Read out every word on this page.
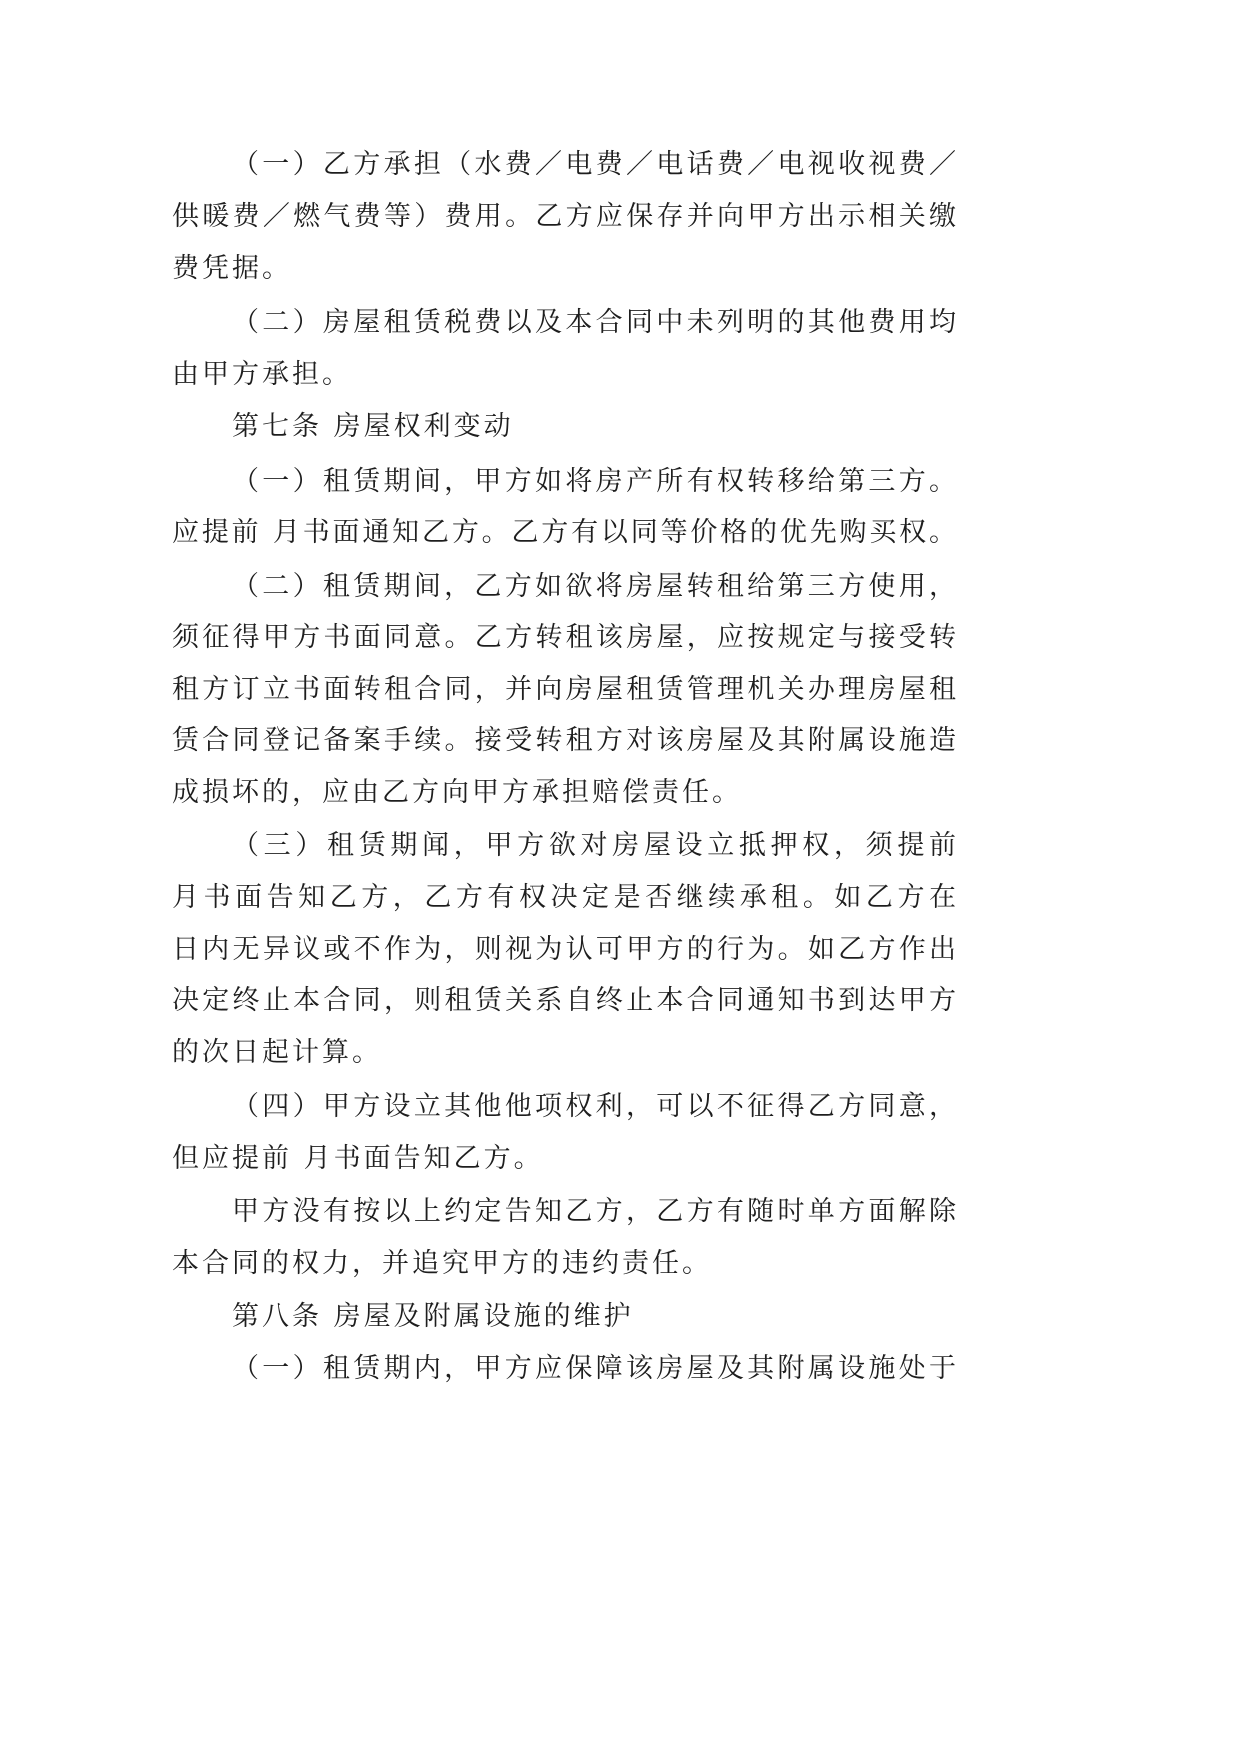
（一）乙方承担（水费／电费／电话费／电视收视费／
供暖费／燃气费等）费用。乙方应保存并向甲方出示相关缴
费凭据。
（二）房屋租赁税费以及本合同中未列明的其他费用均
由甲方承担。
第七条 房屋权利变动
（一）租赁期间，甲方如将房产所有权转移给第三方。
应提前 月书面通知乙方。乙方有以同等价格的优先购买权。
（二）租赁期间，乙方如欲将房屋转租给第三方使用，
须征得甲方书面同意。乙方转租该房屋，应按规定与接受转
租方订立书面转租合同，并向房屋租赁管理机关办理房屋租
赁合同登记备案手续。接受转租方对该房屋及其附属设施造
成损坏的，应由乙方向甲方承担赔偿责任。
（三）租赁期闻，甲方欲对房屋设立抵押权，须提前
月书面告知乙方，乙方有权决定是否继续承租。如乙方在
日内无异议或不作为，则视为认可甲方的行为。如乙方作出
决定终止本合同，则租赁关系自终止本合同通知书到达甲方
的次日起计算。
（四）甲方设立其他他项权利，可以不征得乙方同意，
但应提前 月书面告知乙方。
甲方没有按以上约定告知乙方，乙方有随时单方面解除
本合同的权力，并追究甲方的违约责任。
第八条 房屋及附属设施的维护
（一）租赁期内，甲方应保障该房屋及其附属设施处于
